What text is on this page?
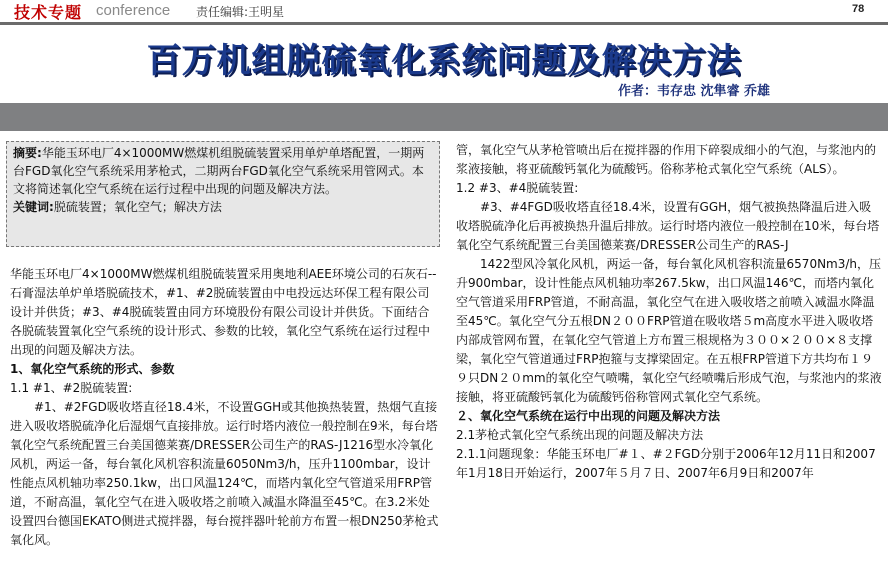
技术专题 conference 责任编辑:王明星	78
百万机组脱硫氧化系统问题及解决方法
作者：韦存忠 沈隼睿 乔雄
摘要:华能玉环电厂4×1000MW燃煤机组脱硫装置采用单炉单塔配置，一期两台FGD氧化空气系统采用茅枪式，二期两台FGD氧化空气系统采用管网式。本文将简述氧化空气系统在运行过程中出现的问题及解决方法。
关键词:脱硫装置；氧化空气；解决方法

华能玉环电厂4×1000MW燃煤机组脱硫装置采用奥地利AEE环境公司的石灰石--石膏湿法单炉单塔脱硫技术，#1、#2脱硫装置由中电投远达环保工程有限公司设计并供货；#3、#4脱硫装置由同方环境股份有限公司设计并供货。下面结合各脱硫装置氧化空气系统的设计形式、参数的比较，氧化空气系统在运行过程中出现的问题及解决方法。

1、氧化空气系统的形式、参数

1.1 #1、#2脱硫装置:

#1、#2FGD吸收塔直径18.4米，不设置GGH或其他换热装置，热烟气直接进入吸收塔脱硫净化后湿烟气直接排放。运行时塔内液位一般控制在9米，每台塔氧化空气系统配置三台美国德莱赛/DRESSER公司生产的RAS-J1216型水冷氧化风机，两运一备，每台氧化风机容积流量6050Nm3/h，压升1100mbar，设计性能点风机轴功率250.1kw，出口风温124℃，而塔内氧化空气管道采用FRP管道，不耐高温，氧化空气在进入吸收塔之前喷入减温水降温至45℃。在3.2米处设置四台德国EKATO侧进式搅拌器，每台搅拌器叶轮前方布置一根DN250茅枪式氧化风。

管，氧化空气从茅枪管喷出后在搅拌器的作用下碎裂成细小的气泡，与浆池内的浆液接触，将亚硫酸钙氧化为硫酸钙。俗称茅枪式氧化空气系统（ALS）。

1.2 #3、#4脱硫装置:

#3、#4FGD吸收塔直径18.4米，设置有GGH，烟气被换热降温后进入吸收塔脱硫净化后再被换热升温后排放。运行时塔内液位一般控制在10米，每台塔氧化空气系统配置三台美国德莱赛/DRESSER公司生产的RAS-J

1422型风冷氧化风机，两运一备，每台氧化风机容积流量6570Nm3/h，压升900mbar，设计性能点风机轴功率267.5kw，出口风温146℃，而塔内氧化空气管道采用FRP管道，不耐高温，氧化空气在进入吸收塔之前喷入减温水降温至45℃。氧化空气分五根DN２００FRP管道在吸收塔５m高度水平进入吸收塔内部成管网布置，在氧化空气管道上方布置三根规格为３００×２００×８支撑梁，氧化空气管道通过FRP抱箍与支撑梁固定。在五根FRP管道下方共均布１９９只DN２０mm的氧化空气喷嘴，氧化空气经喷嘴后形成气泡，与浆池内的浆液接触，将亚硫酸钙氧化为硫酸钙俗称管网式氧化空气系统。

２、氧化空气系统在运行中出现的问题及解决方法

2.1茅枪式氧化空气系统出现的问题及解决方法

2.1.1问题现象：华能玉环电厂#１、#２FGD分别于2006年12月11日和2007年1月18日开始运行，2007年５月７日、2007年6月9日和2007年
